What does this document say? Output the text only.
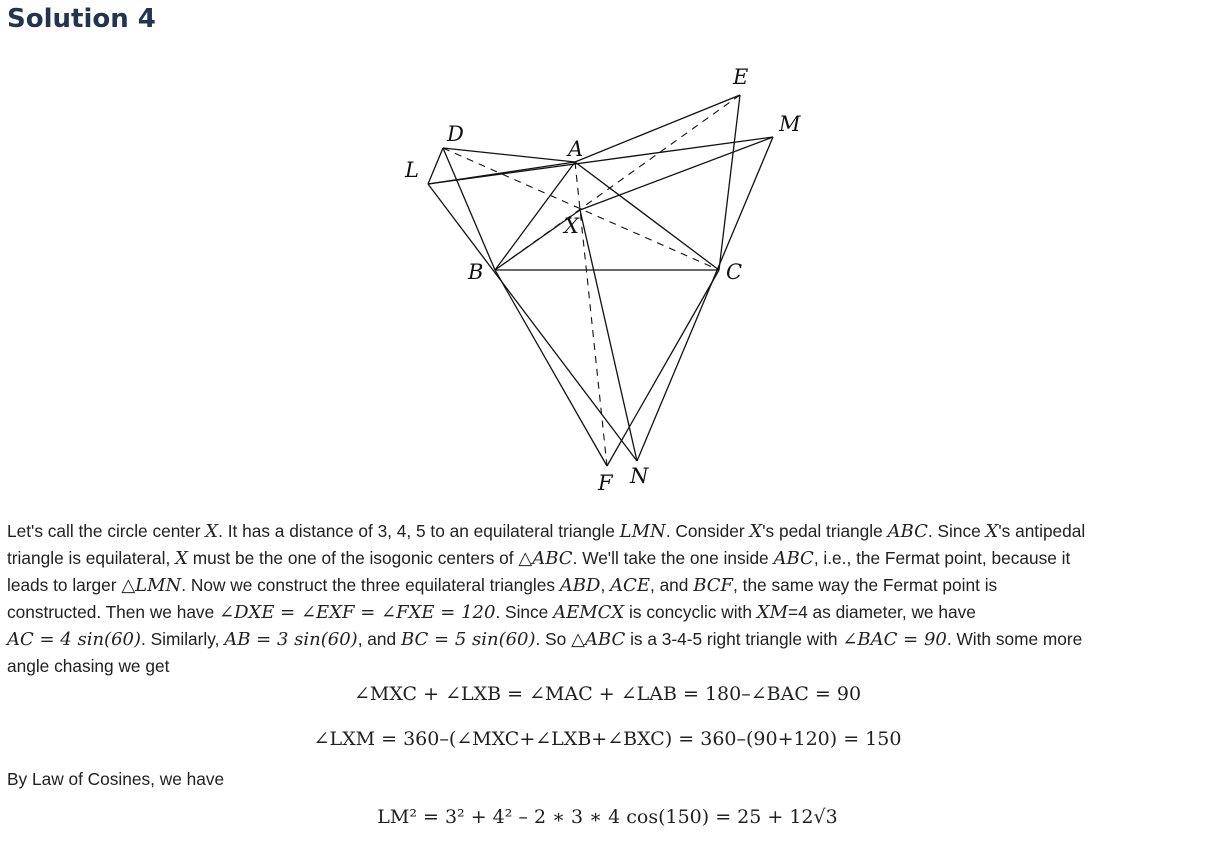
Solution 4
E
M
D
A
L
X
B	C
F N
Let's call the circle center X. It has a distance of 3, 4, 5 to an equilateral triangle LMN. Consider X's pedal triangle ABC. Since X's antipedal
triangle is equilateral, X must be the one of the isogonic centers of △ABC. We'll take the one inside ABC, i.e., the Fermat point, because it
leads to larger △LMN. Now we construct the three equilateral triangles ABD, ACE, and BCF, the same way the Fermat point is
constructed. Then we have ∠DXE = ∠EXF = ∠FXE = 120. Since AEMCX is concyclic with XM=4 as diameter, we have
AC = 4 sin(60). Similarly, AB = 3 sin(60), and BC = 5 sin(60). So △ABC is a 3-4-5 right triangle with ∠BAC = 90. With some more
angle chasing we get

∠MXC + ∠LXB = ∠MAC + ∠LAB = 180–∠BAC = 90

∠LXM = 360–(∠MXC+∠LXB+∠BXC) = 360–(90+120) = 150

By Law of Cosines, we have

LM² = 3² + 4² – 2 ∗ 3 ∗ 4 cos(150) = 25 + 12√3
